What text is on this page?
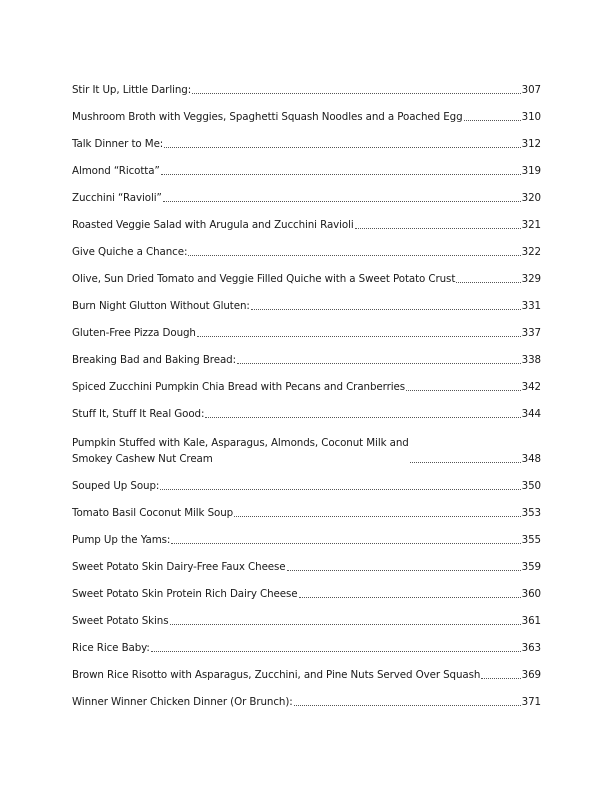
Stir It Up, Little Darling:	307
Mushroom Broth with Veggies, Spaghetti Squash Noodles and a Poached Egg	310
Talk Dinner to Me:	312
Almond “Ricotta”	319
Zucchini “Ravioli”	320
Roasted Veggie Salad with Arugula and Zucchini Ravioli	321
Give Quiche a Chance:	322
Olive, Sun Dried Tomato and Veggie Filled Quiche with a Sweet Potato Crust	329
Burn Night Glutton Without Gluten:	331
Gluten-Free Pizza Dough	337
Breaking Bad and Baking Bread:	338
Spiced Zucchini Pumpkin Chia Bread with Pecans and Cranberries	342
Stuff It, Stuff It Real Good:	344
Pumpkin Stuffed with Kale, Asparagus, Almonds, Coconut Milk and
Smokey Cashew Nut Cream	348
Souped Up Soup:	350
Tomato Basil Coconut Milk Soup	353
Pump Up the Yams:	355
Sweet Potato Skin Dairy-Free Faux Cheese	359
Sweet Potato Skin Protein Rich Dairy Cheese	360
Sweet Potato Skins	361
Rice Rice Baby:	363
Brown Rice Risotto with Asparagus, Zucchini, and Pine Nuts Served Over Squash	369
Winner Winner Chicken Dinner (Or Brunch):	371
